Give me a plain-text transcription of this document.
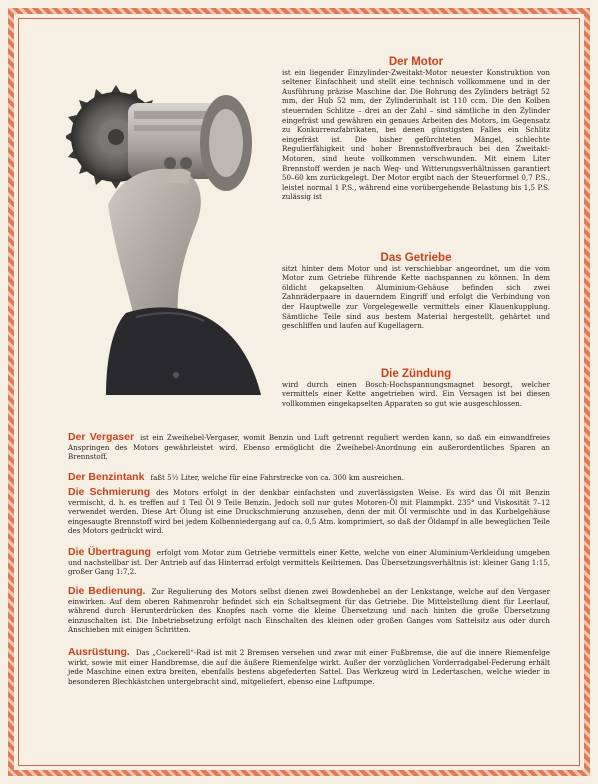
Der Motor

ist ein liegender Einzylinder-Zweitakt-Motor neuester Konstruktion von seltener Einfachheit und stellt eine technisch vollkommene und in der Ausführung präzise Maschine dar. Die Bohrung des Zylinders beträgt 52 mm, der Hub 52 mm, der Zylinderinhalt ist 110 ccm. Die den Kolben steuernden Schlitze – drei an der Zahl – sind sämtliche in den Zylinder eingefräst und gewähren ein genaues Arbeiten des Motors, im Gegensatz zu Konkurrenzfabrikaten, bei denen günstigsten Falles ein Schlitz eingefräst ist. Die bisher gefürchteten Mängel, schlechte Regulierfähigkeit und hoher Brennstoffverbrauch bei den Zweitakt-Motoren, sind heute vollkommen verschwunden. Mit einem Liter Brennstoff werden je nach Weg- und Witterungsverhältnissen garantiert 50–60 km zurückgelegt. Der Motor ergibt nach der Steuerformel 0,7 P.S., leistet normal 1 P.S., während eine vorübergehende Belastung bis 1,5 P.S. zulässig ist

Das Getriebe

sitzt hinter dem Motor und ist verschiebbar angeordnet, um die vom Motor zum Getriebe führende Kette nachspannen zu können. In dem öldicht gekapselten Aluminium-Gehäuse befinden sich zwei Zahnräderpaare in dauerndem Eingriff und erfolgt die Verbindung von der Hauptwelle zur Vorgelegewelle vermittels einer Klauenkupplung. Sämtliche Teile sind aus bestem Material hergestellt, gehärtet und geschliffen und laufen auf Kugellagern.

Die Zündung

wird durch einen Bosch-Hochspannungsmagnet besorgt, welcher vermittels einer Kette angetrieben wird. Ein Versagen ist bei diesen vollkommen eingekapselten Apparaten so gut wie ausgeschlossen.

Der Vergaser ist ein Zweihebel-Vergaser, womit Benzin und Luft getrennt reguliert werden kann, so daß ein einwandfreies Anspringen des Motors gewährleistet wird. Ebenso ermöglicht die Zweihebel-Anordnung ein außerordentliches Sparen an Brennstoff.

Der Benzintank faßt 5½ Liter, welche für eine Fahrstrecke von ca. 300 km ausreichen.

Die Schmierung des Motors erfolgt in der denkbar einfachsten und zuverlässigsten Weise. Es wird das Öl mit Benzin vermischt, d. h. es treffen auf 1 Teil Öl 9 Teile Benzin. Jedoch soll nur gutes Motoren-Öl mit Flammpkt. 235° und Viskosität 7–12 verwendet werden. Diese Art Ölung ist eine Druckschmierung anzusehen, denn der mit Öl vermischte und in das Kurbelgehäuse eingesaugte Brennstoff wird bei jedem Kolbenniedergang auf ca. 0,5 Atm. komprimiert, so daß der Öldampf in alle beweglichen Teile des Motors gedrückt wird.

Die Übertragung erfolgt vom Motor zum Getriebe vermittels einer Kette, welche von einer Aluminium-Verkleidung umgeben und nachstellbar ist. Der Antrieb auf das Hinterrad erfolgt vermittels Keilriemen. Das Übersetzungsverhältnis ist: kleiner Gang 1:15, großer Gang 1:7,2.

Die Bedienung. Zur Regulierung des Motors selbst dienen zwei Bowdenhebel an der Lenkstange, welche auf den Vergaser einwirken. Auf dem oberen Rahmenrohr befindet sich ein Schaltsegment für das Getriebe. Die Mittelstellung dient für Leerlauf, während durch Herunterdrücken des Knopfes nach vorne die kleine Übersetzung und nach hinten die große Übersetzung einzuschalten ist. Die Inbetriebsetzung erfolgt nach Einschalten des kleinen oder großen Ganges vom Sattelsitz aus oder durch Anschieben mit einigen Schritten.

Ausrüstung. Das „Cockerell“-Rad ist mit 2 Bremsen versehen und zwar mit einer Fußbremse, die auf die innere Riemenfelge wirkt, sowie mit einer Handbremse, die auf die äußere Riemenfelge wirkt. Außer der vorzüglichen Vorderradgabel-Federung erhält jede Maschine einen extra breiten, ebenfalls bestens abgefederten Sattel. Das Werkzeug wird in Ledertaschen, welche wieder in besonderen Blechkästchen untergebracht sind, mitgeliefert, ebenso eine Luftpumpe.
